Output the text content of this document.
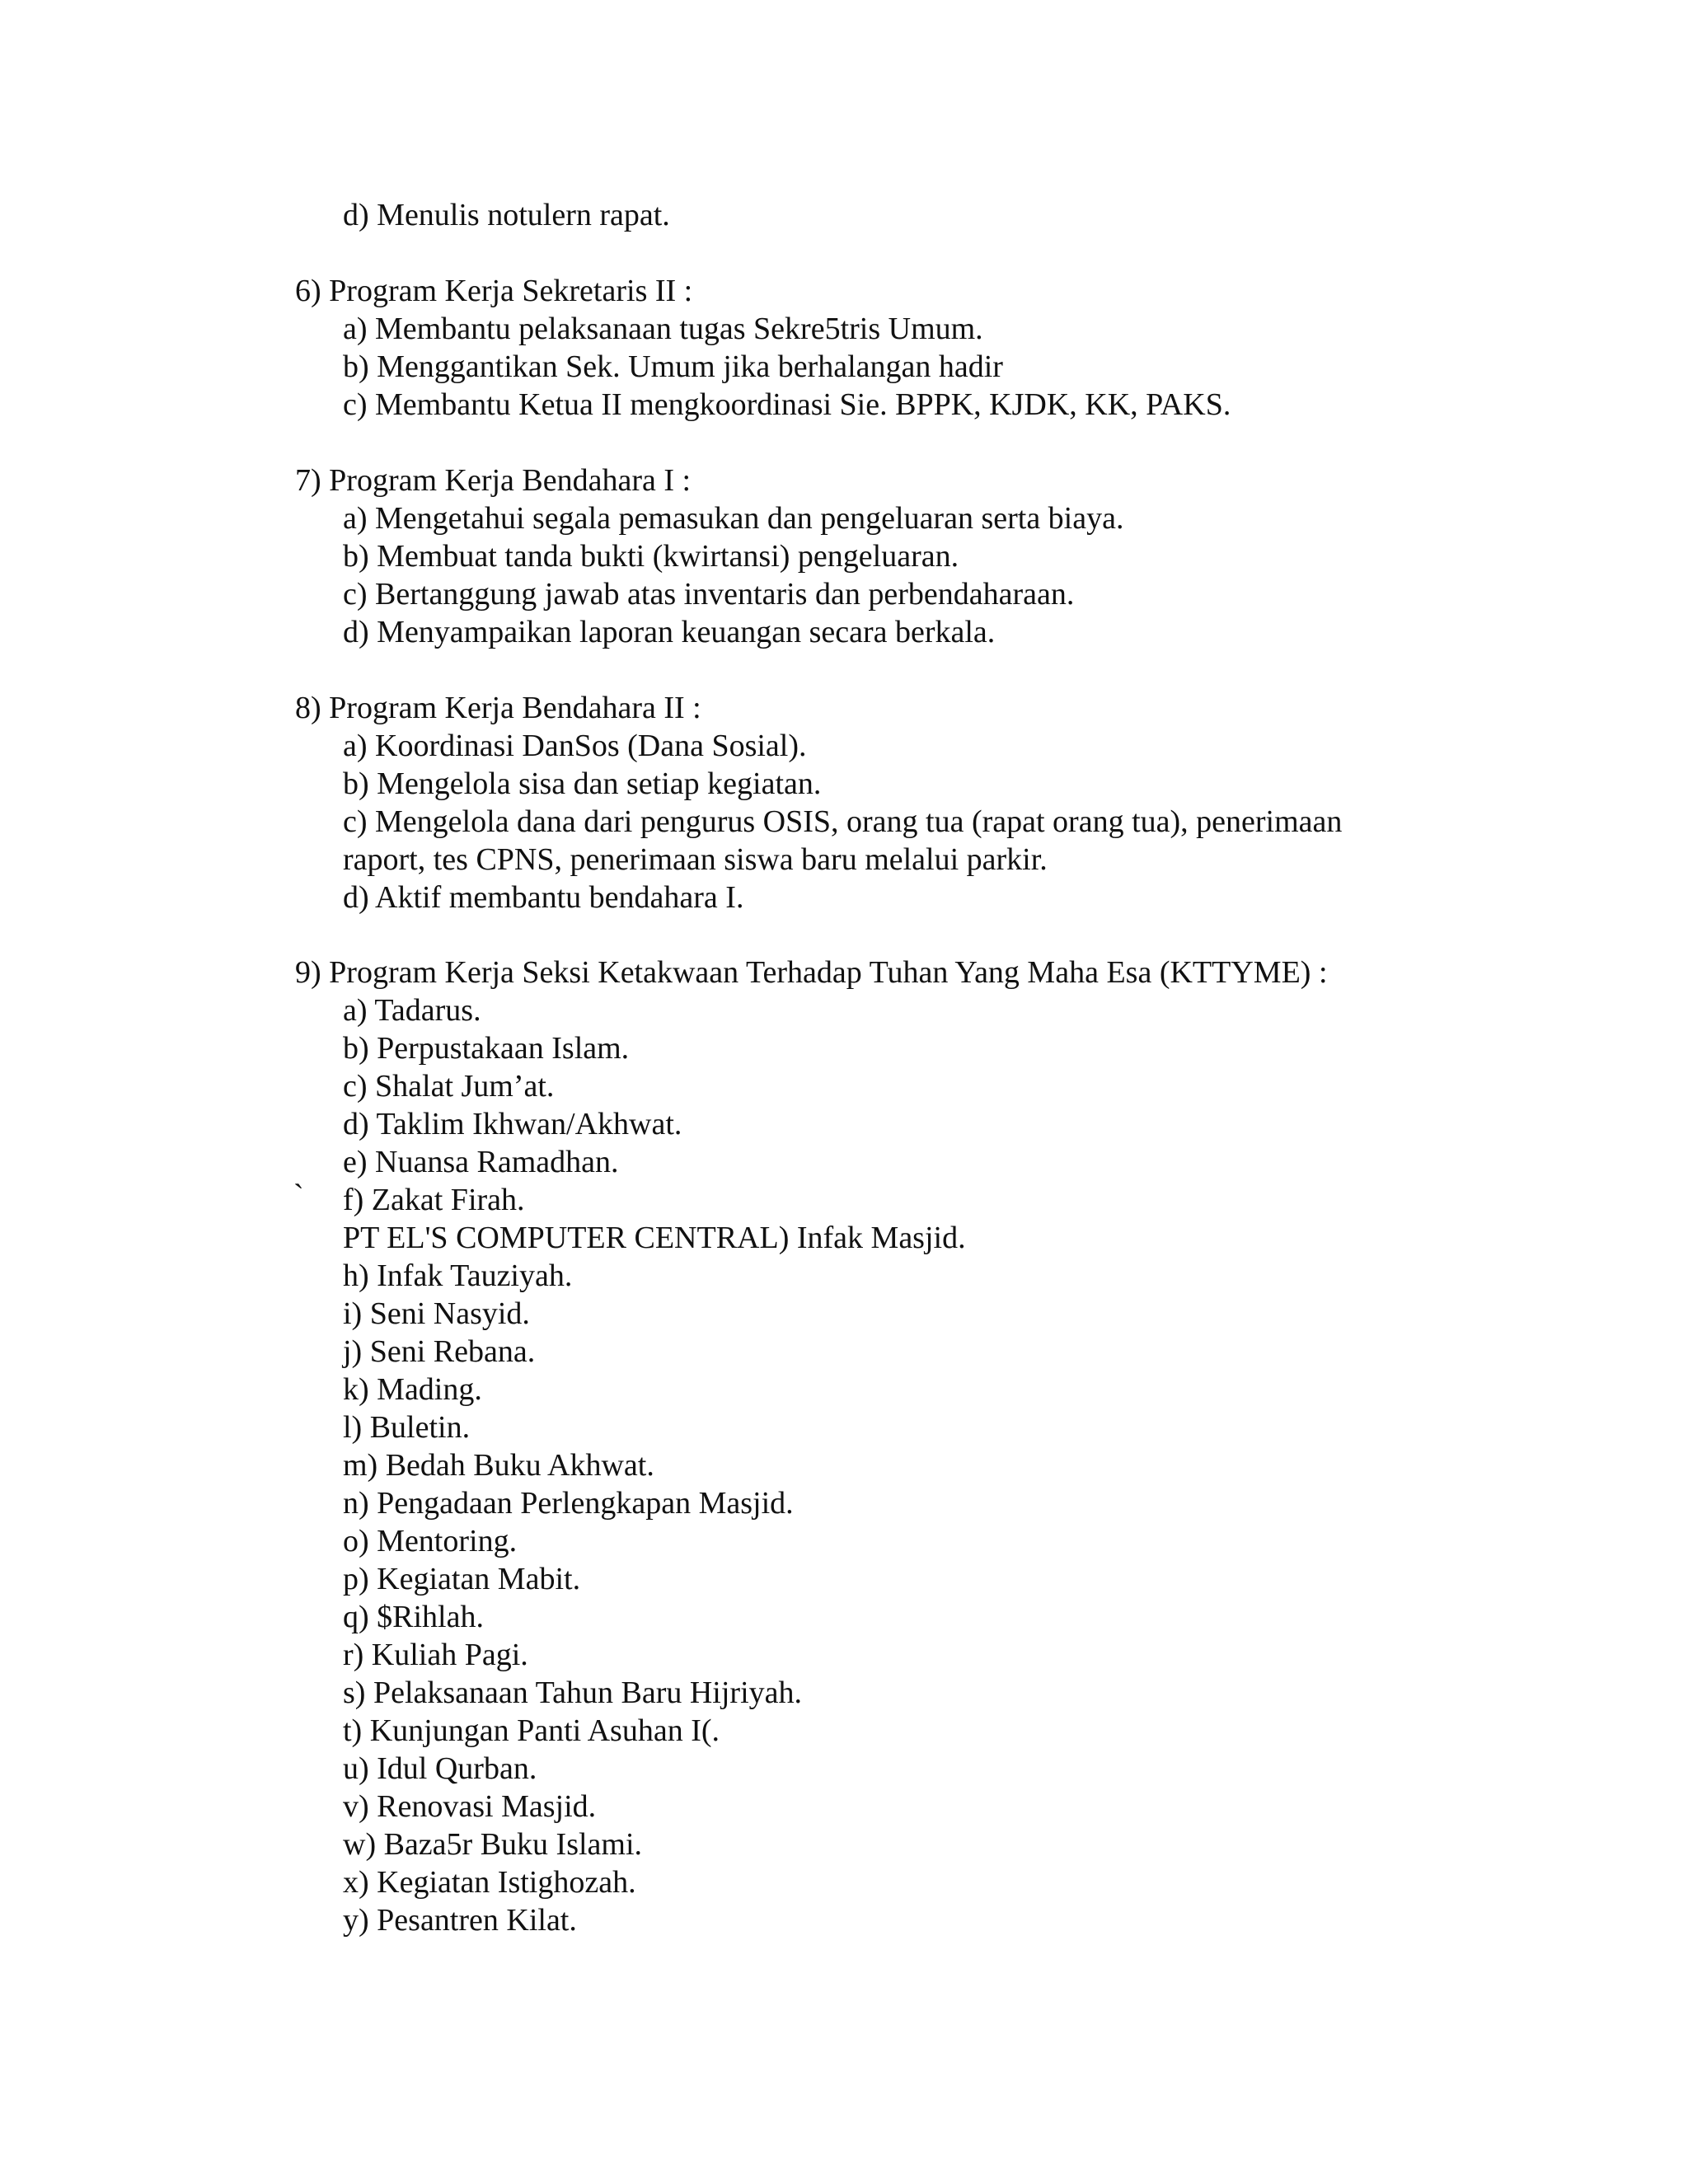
d) Menulis notulern rapat.
6) Program Kerja Sekretaris II :
a) Membantu pelaksanaan tugas Sekre5tris Umum.
b) Menggantikan Sek. Umum jika berhalangan hadir
c) Membantu Ketua II mengkoordinasi Sie. BPPK, KJDK, KK, PAKS.
7) Program Kerja Bendahara I :
a) Mengetahui segala pemasukan dan pengeluaran serta biaya.
b) Membuat tanda bukti (kwirtansi) pengeluaran.
c) Bertanggung jawab atas inventaris dan perbendaharaan.
d) Menyampaikan laporan keuangan secara berkala.
8) Program Kerja Bendahara II :
a) Koordinasi DanSos (Dana Sosial).
b) Mengelola sisa dan setiap kegiatan.
c) Mengelola dana dari pengurus OSIS, orang tua (rapat orang tua), penerimaan
raport, tes CPNS, penerimaan siswa baru melalui parkir.
d) Aktif membantu bendahara I.
9) Program Kerja Seksi Ketakwaan Terhadap Tuhan Yang Maha Esa (KTTYME) :
a) Tadarus.
b) Perpustakaan Islam.
c) Shalat Jum’at.
d) Taklim Ikhwan/Akhwat.
e) Nuansa Ramadhan.
` f) Zakat Firah.
PT EL'S COMPUTER CENTRAL) Infak Masjid.
h) Infak Tauziyah.
i) Seni Nasyid.
j) Seni Rebana.
k) Mading.
l) Buletin.
m) Bedah Buku Akhwat.
n) Pengadaan Perlengkapan Masjid.
o) Mentoring.
p) Kegiatan Mabit.
q) $Rihlah.
r) Kuliah Pagi.
s) Pelaksanaan Tahun Baru Hijriyah.
t) Kunjungan Panti Asuhan I(.
u) Idul Qurban.
v) Renovasi Masjid.
w) Baza5r Buku Islami.
x) Kegiatan Istighozah.
y) Pesantren Kilat.
